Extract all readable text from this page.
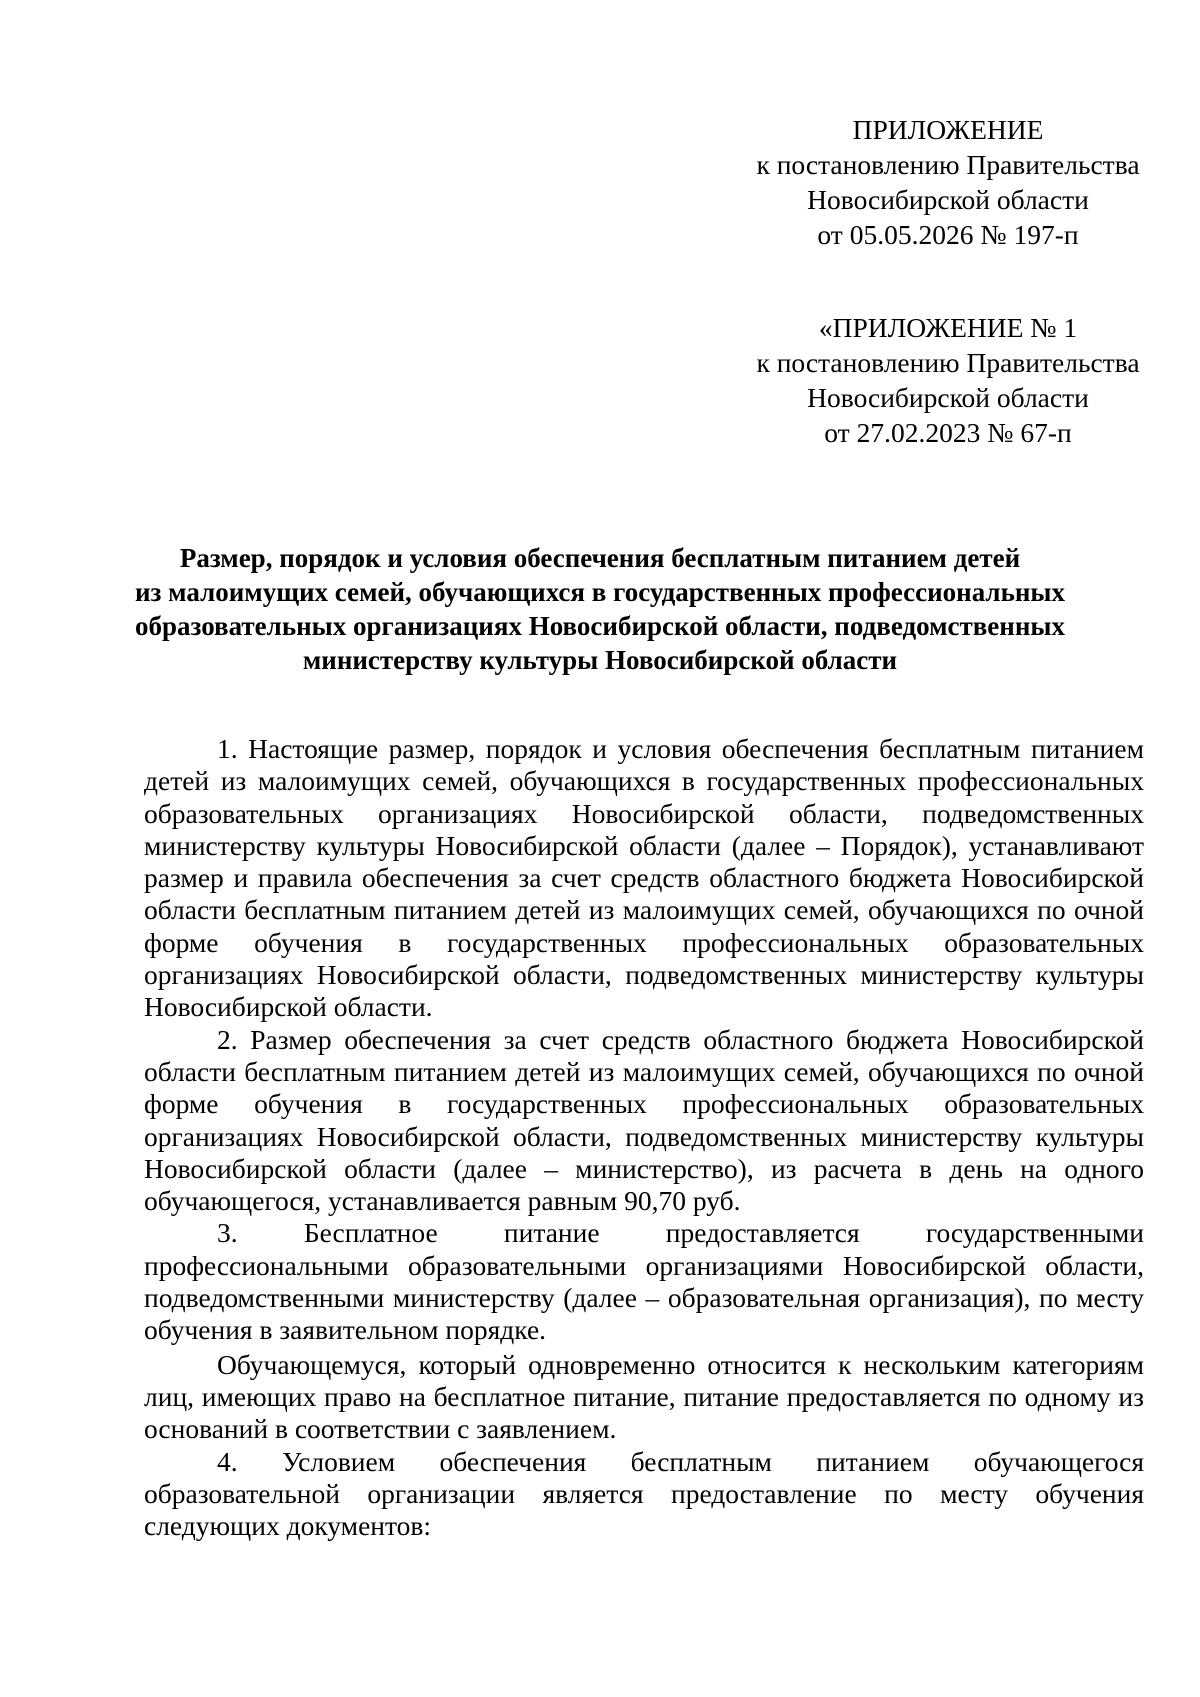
ПРИЛОЖЕНИЕ
к постановлению Правительства
Новосибирской области
от 05.05.2026 № 197-п
«ПРИЛОЖЕНИЕ № 1
к постановлению Правительства
Новосибирской области
от 27.02.2023 № 67-п
Размер, порядок и условия обеспечения бесплатным питанием детей
из малоимущих семей, обучающихся в государственных профессиональных
образовательных организациях Новосибирской области, подведомственных
министерству культуры Новосибирской области

1. Настоящие размер, порядок и условия обеспечения бесплатным питанием детей из малоимущих семей, обучающихся в государственных профессиональных образовательных организациях Новосибирской области, подведомственных министерству культуры Новосибирской области (далее – Порядок), устанавливают размер и правила обеспечения за счет средств областного бюджета Новосибирской области бесплатным питанием детей из малоимущих семей, обучающихся по очной форме обучения в государственных профессиональных образовательных организациях Новосибирской области, подведомственных министерству культуры Новосибирской области.

2. Размер обеспечения за счет средств областного бюджета Новосибирской области бесплатным питанием детей из малоимущих семей, обучающихся по очной форме обучения в государственных профессиональных образовательных организациях Новосибирской области, подведомственных министерству культуры Новосибирской области (далее – министерство), из расчета в день на одного обучающегося, устанавливается равным 90,70 руб.

3. Бесплатное питание предоставляется государственными профессиональными образовательными организациями Новосибирской области, подведомственными министерству (далее – образовательная организация), по месту обучения в заявительном порядке.

Обучающемуся, который одновременно относится к нескольким категориям лиц, имеющих право на бесплатное питание, питание предоставляется по одному из оснований в соответствии с заявлением.

4. Условием обеспечения бесплатным питанием обучающегося образовательной организации является предоставление по месту обучения следующих документов:
